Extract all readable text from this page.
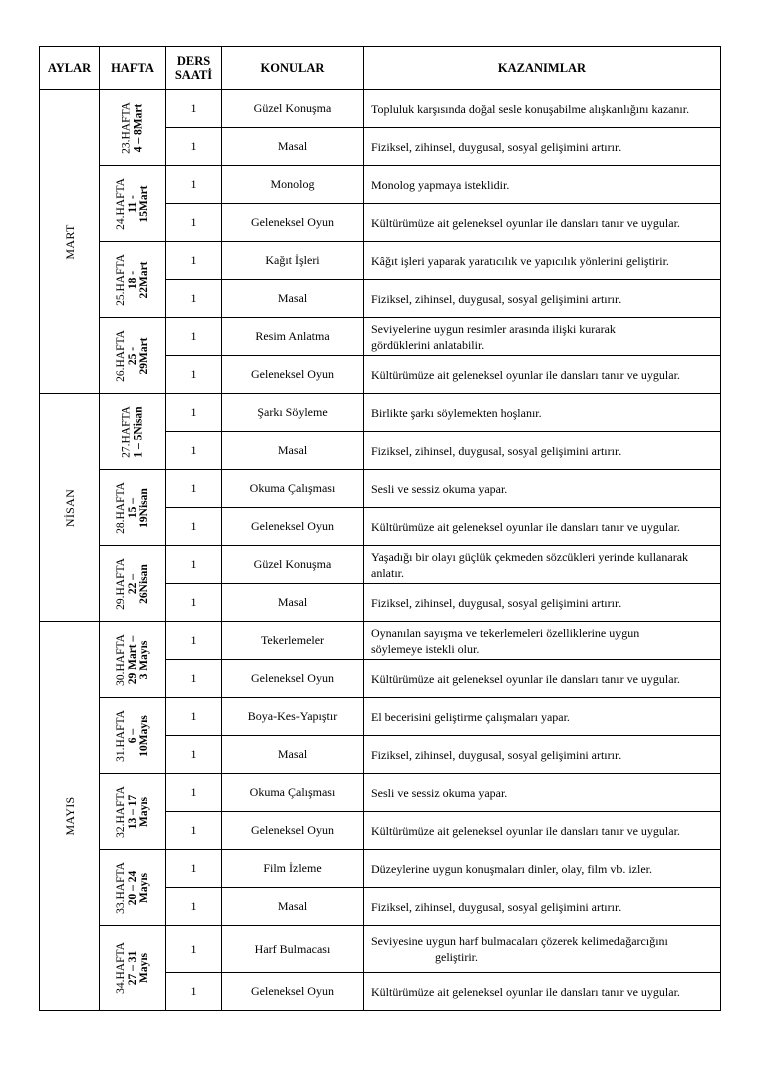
AYLAR	HAFTA	DERS
SAATİ	KONULAR	KAZANIMLAR

MART	23.HAFTA 4 – 8Mart	1	Güzel Konuşma	Topluluk karşısında doğal sesle konuşabilme alışkanlığını kazanır.
		1	Masal	Fiziksel, zihinsel, duygusal, sosyal gelişimini artırır.

	24.HAFTA 11 - 15Mart	1	Monolog	Monolog yapmaya isteklidir.
		1	Geleneksel Oyun	Kültürümüze ait geleneksel oyunlar ile dansları tanır ve uygular.

	25.HAFTA 18 - 22Mart	1	Kağıt İşleri	Kâğıt işleri yaparak yaratıcılık ve yapıcılık yönlerini geliştirir.
		1	Masal	Fiziksel, zihinsel, duygusal, sosyal gelişimini artırır.

	26.HAFTA 25 - 29Mart	1	Resim Anlatma	Seviyelerine uygun resimler arasında ilişki kurarak
gördüklerini anlatabilir.

		1	Geleneksel Oyun	Kültürümüze ait geleneksel oyunlar ile dansları tanır ve uygular.

NİSAN	27.HAFTA 1 – 5Nisan	1	Şarkı Söyleme	Birlikte şarkı söylemekten hoşlanır.
		1	Masal	Fiziksel, zihinsel, duygusal, sosyal gelişimini artırır.

	28.HAFTA 15 – 19Nisan	1	Okuma Çalışması	Sesli ve sessiz okuma yapar.
		1	Geleneksel Oyun	Kültürümüze ait geleneksel oyunlar ile dansları tanır ve uygular.

	29.HAFTA 22 – 26Nisan	1	Güzel Konuşma	Yaşadığı bir olayı güçlük çekmeden sözcükleri yerinde kullanarak
anlatır.

		1	Masal	Fiziksel, zihinsel, duygusal, sosyal gelişimini artırır.

MAYIS	30.HAFTA 29 Mart – 3 Mayıs	1	Tekerlemeler	Oynanılan sayışma ve tekerlemeleri özelliklerine uygun
söylemeye istekli olur.

		1	Geleneksel Oyun	Kültürümüze ait geleneksel oyunlar ile dansları tanır ve uygular.

	31.HAFTA 6 – 10Mayıs	1	Boya-Kes-Yapıştır	El becerisini geliştirme çalışmaları yapar.
		1	Masal	Fiziksel, zihinsel, duygusal, sosyal gelişimini artırır.

	32.HAFTA 13 – 17 Mayıs	1	Okuma Çalışması	Sesli ve sessiz okuma yapar.
		1	Geleneksel Oyun	Kültürümüze ait geleneksel oyunlar ile dansları tanır ve uygular.

	33.HAFTA 20 – 24 Mayıs	1	Film İzleme	Düzeylerine uygun konuşmaları dinler, olay, film vb. izler.
		1	Masal	Fiziksel, zihinsel, duygusal, sosyal gelişimini artırır.

	34.HAFTA 27 – 31 Mayıs	1	Harf Bulmacası	Seviyesine uygun harf bulmacaları çözerek kelimedağarcığını
geliştirir.

		1	Geleneksel Oyun	Kültürümüze ait geleneksel oyunlar ile dansları tanır ve uygular.
